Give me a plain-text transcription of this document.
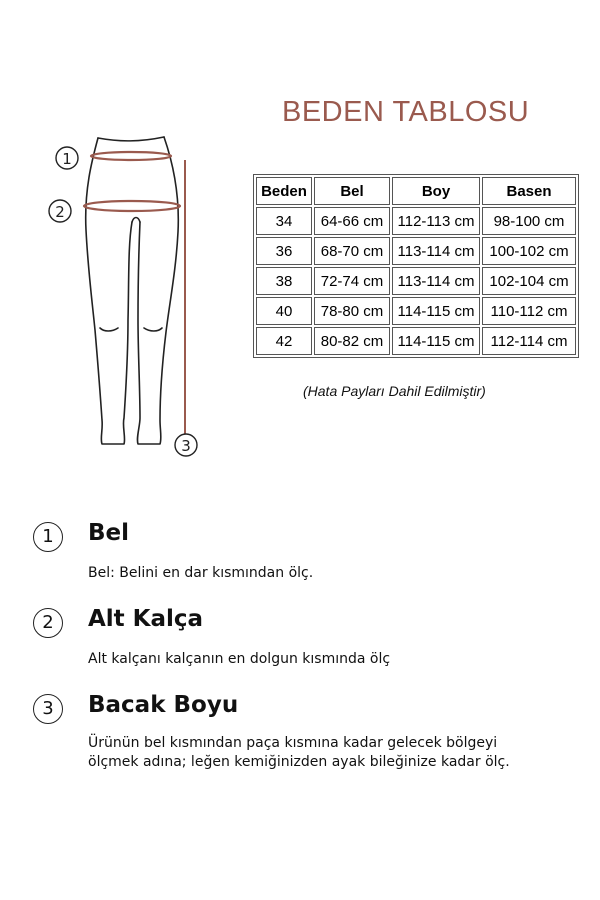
BEDEN TABLOSU
1
2
3
Beden	Bel	Boy	Basen
34	64-66 cm	112-113 cm	98-100 cm
36	68-70 cm	113-114 cm	100-102 cm
38	72-74 cm	113-114 cm	102-104 cm
40	78-80 cm	114-115 cm	110-112 cm
42	80-82 cm	114-115 cm	112-114 cm
(Hata Payları Dahil Edilmiştir)
1	Bel
Bel: Belini en dar kısmından ölç.
2	Alt Kalça
Alt kalçanı kalçanın en dolgun kısmında ölç
3	Bacak Boyu
Ürünün bel kısmından paça kısmına kadar gelecek bölgeyi
ölçmek adına; leğen kemiğinizden ayak bileğinize kadar ölç.
